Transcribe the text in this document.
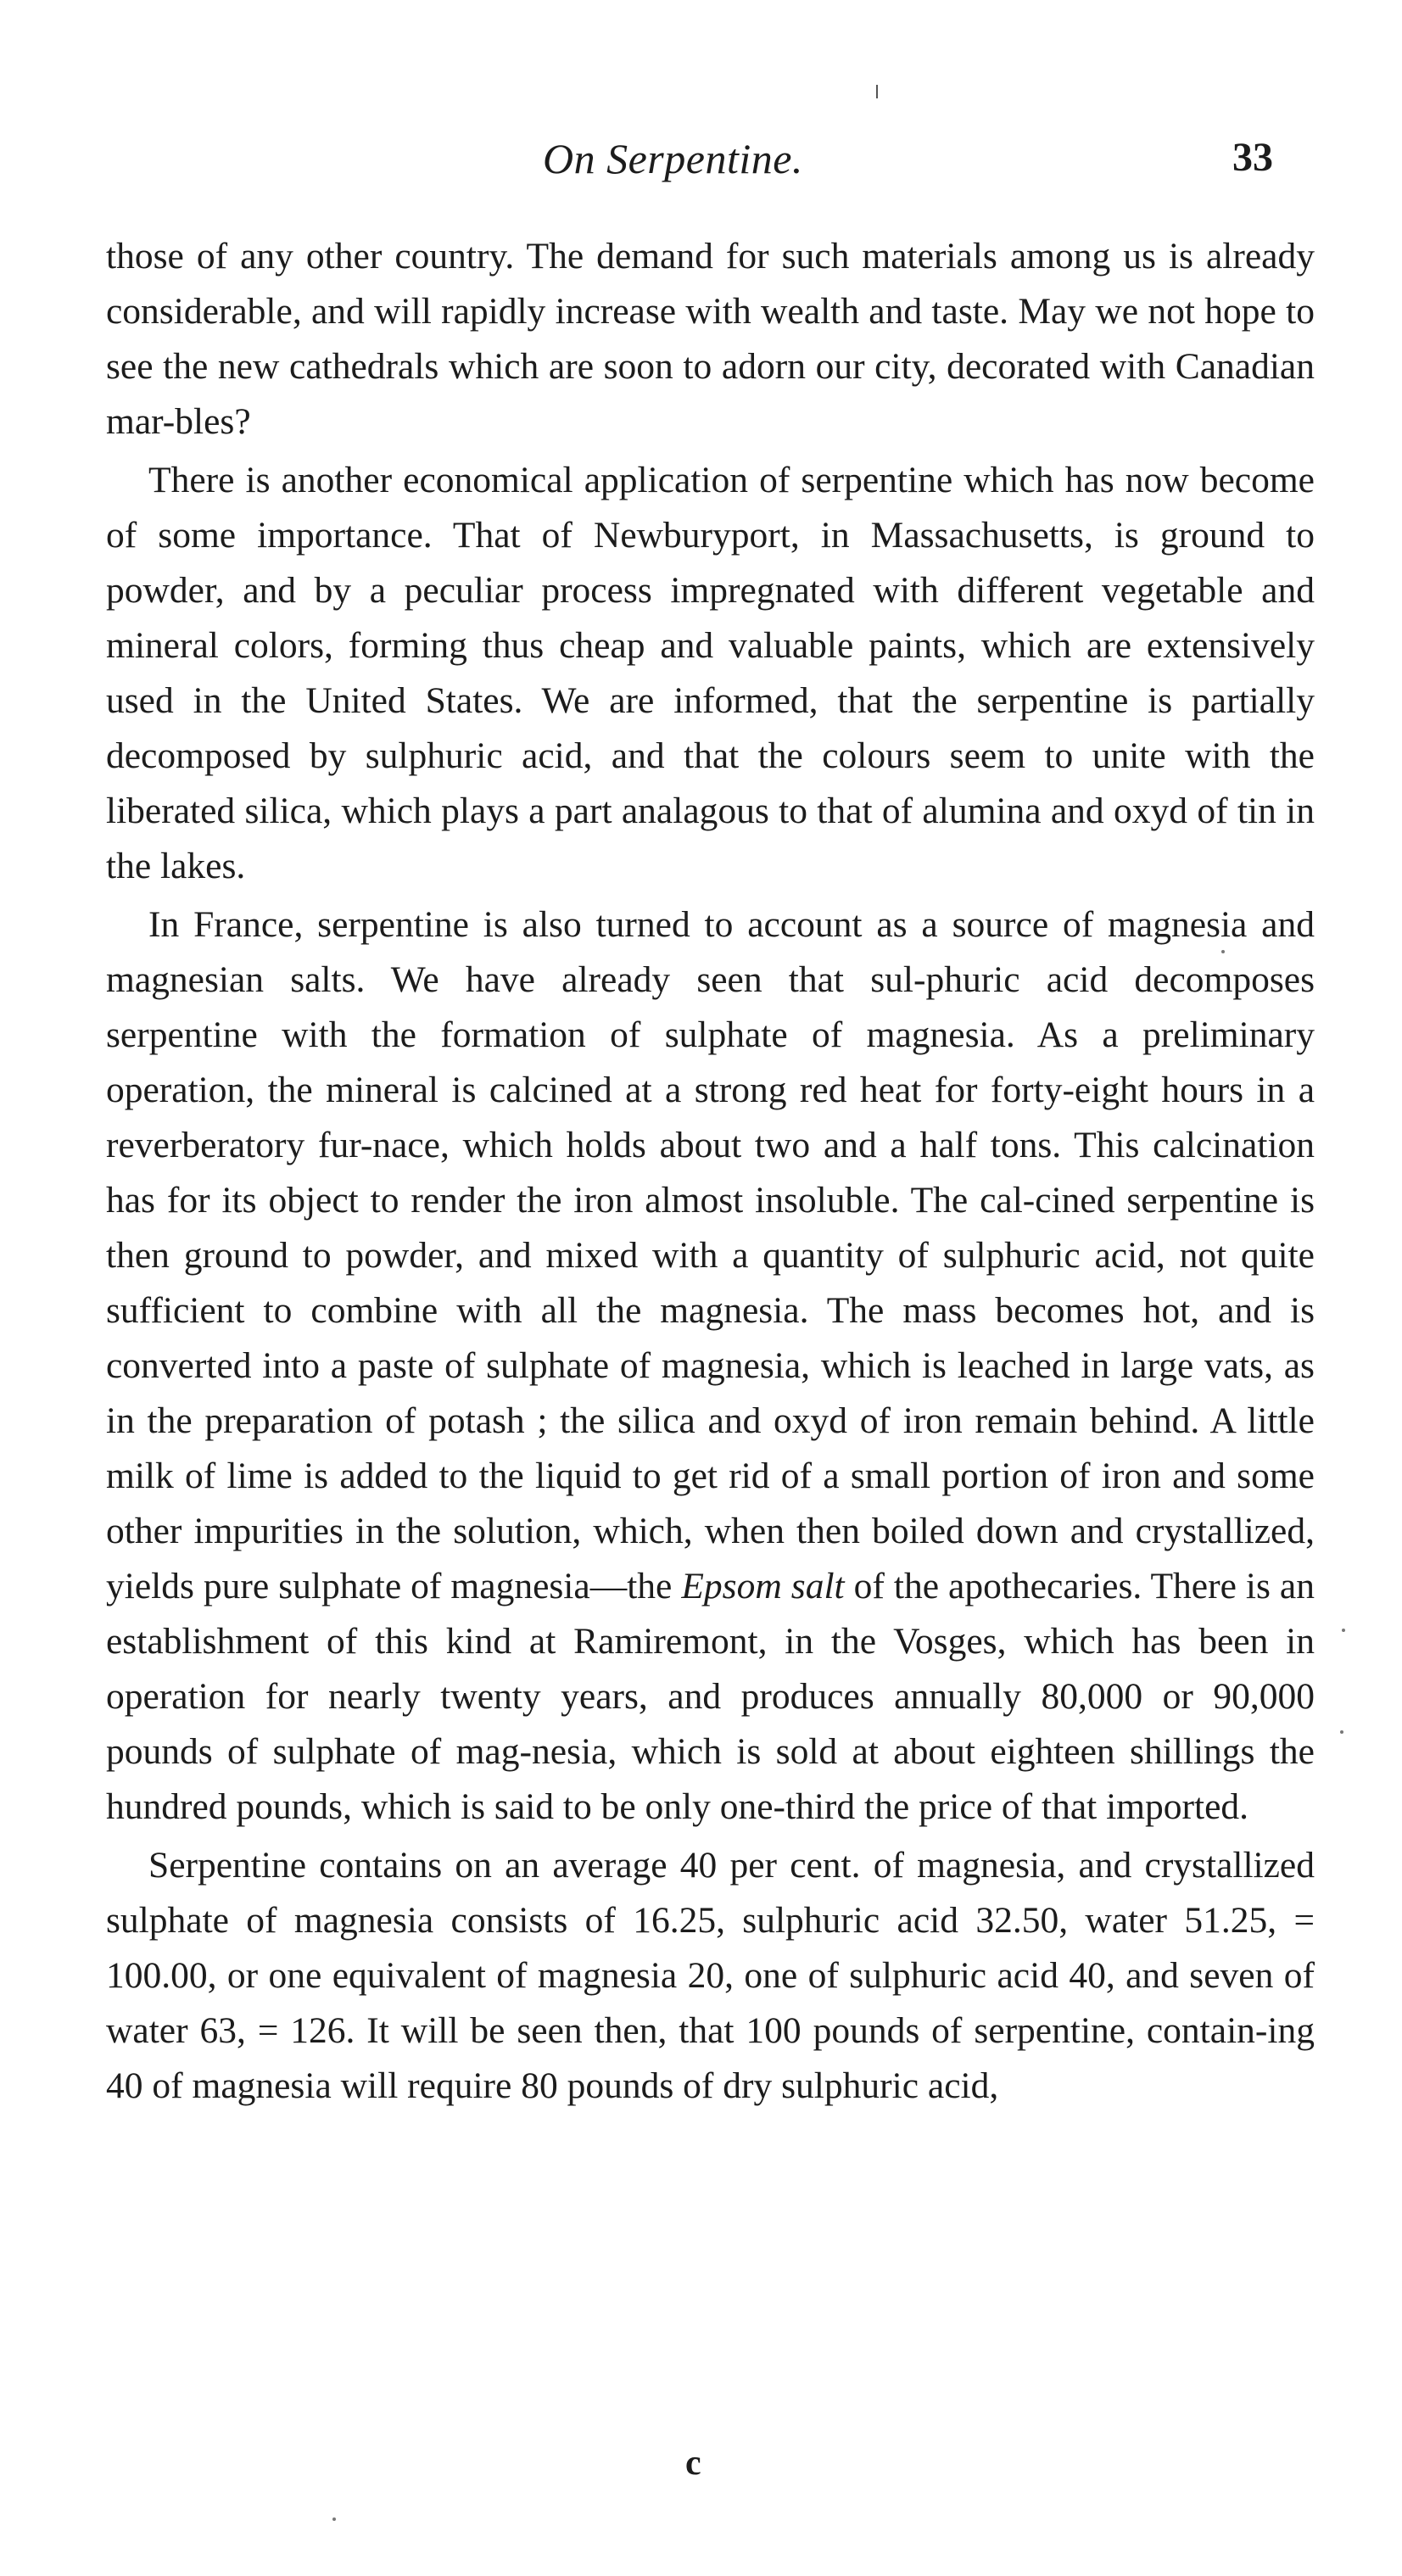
On Serpentine.	33

those of any other country. The demand for such materials among us is already considerable, and will rapidly increase with wealth and taste. May we not hope to see the new cathedrals which are soon to adorn our city, decorated with Canadian mar-bles?

There is another economical application of serpentine which has now become of some importance. That of Newburyport, in Massachusetts, is ground to powder, and by a peculiar process impregnated with different vegetable and mineral colors, forming thus cheap and valuable paints, which are extensively used in the United States. We are informed, that the serpentine is partially decomposed by sulphuric acid, and that the colours seem to unite with the liberated silica, which plays a part analagous to that of alumina and oxyd of tin in the lakes.

In France, serpentine is also turned to account as a source of magnesia and magnesian salts. We have already seen that sul-phuric acid decomposes serpentine with the formation of sulphate of magnesia. As a preliminary operation, the mineral is calcined at a strong red heat for forty-eight hours in a reverberatory fur-nace, which holds about two and a half tons. This calcination has for its object to render the iron almost insoluble. The cal-cined serpentine is then ground to powder, and mixed with a quantity of sulphuric acid, not quite sufficient to combine with all the magnesia. The mass becomes hot, and is converted into a paste of sulphate of magnesia, which is leached in large vats, as in the preparation of potash ; the silica and oxyd of iron remain behind. A little milk of lime is added to the liquid to get rid of a small portion of iron and some other impurities in the solution, which, when then boiled down and crystallized, yields pure sulphate of magnesia—the Epsom salt of the apothecaries. There is an establishment of this kind at Ramiremont, in the Vosges, which has been in operation for nearly twenty years, and produces annually 80,000 or 90,000 pounds of sulphate of mag-nesia, which is sold at about eighteen shillings the hundred pounds, which is said to be only one-third the price of that imported.

Serpentine contains on an average 40 per cent. of magnesia, and crystallized sulphate of magnesia consists of 16.25, sulphuric acid 32.50, water 51.25, = 100.00, or one equivalent of magnesia 20, one of sulphuric acid 40, and seven of water 63, = 126. It will be seen then, that 100 pounds of serpentine, contain-ing 40 of magnesia will require 80 pounds of dry sulphuric acid,

c
